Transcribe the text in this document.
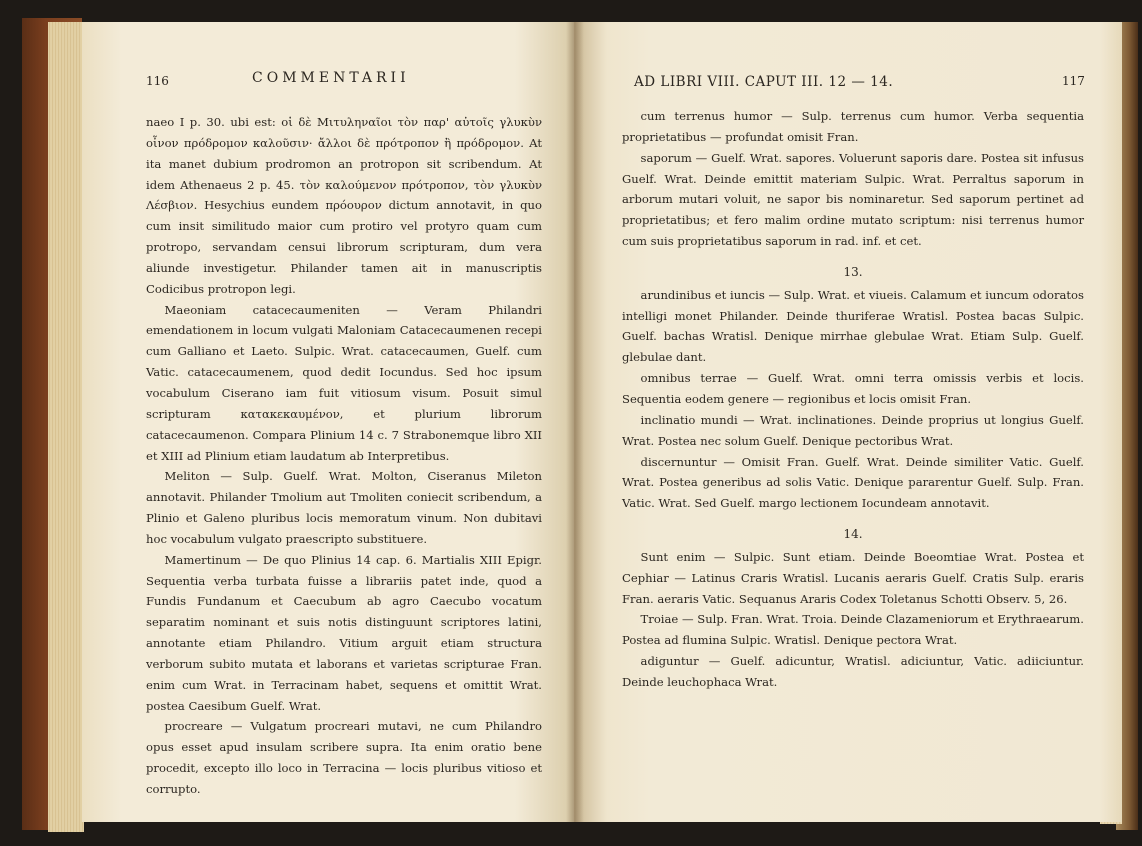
116	COMMENTARII

naeo I p. 30. ubi est: οἱ δὲ Μιτυληναῖοι τὸν παρ' αὐτοῖς γλυκὺν οἶνον πρόδρομον καλοῦσιν· ἄλλοι δὲ πρότροπον ἢ πρόδρομον. At ita manet dubium prodromon an protropon sit scribendum. At idem Athenaeus 2 p. 45. τὸν καλούμενον πρότροπον, τὸν γλυκὺν Λέσβιον. Hesychius eundem πρόουρον dictum annotavit, in quo cum insit similitudo maior cum protiro vel protyro quam cum protropo, servandam censui librorum scripturam, dum vera aliunde investigetur. Philander tamen ait in manuscriptis Codicibus protropon legi.

Maeoniam catacecaumeniten — Veram Philandri emendationem in locum vulgati Maloniam Catacecaumenen recepi cum Galliano et Laeto. Sulpic. Wrat. catacecaumen, Guelf. cum Vatic. catacecaumenem, quod dedit Iocundus. Sed hoc ipsum vocabulum Ciserano iam fuit vitiosum visum. Posuit simul scripturam κατακεκαυμένον, et plurium librorum catacecaumenon. Compara Plinium 14 c. 7 Strabonemque libro XII et XIII ad Plinium etiam laudatum ab Interpretibus.

Meliton — Sulp. Guelf. Wrat. Molton, Ciseranus Mileton annotavit. Philander Tmolium aut Tmoliten coniecit scribendum, a Plinio et Galeno pluribus locis memoratum vinum. Non dubitavi hoc vocabulum vulgato praescripto substituere.

Mamertinum — De quo Plinius 14 cap. 6. Martialis XIII Epigr. Sequentia verba turbata fuisse a librariis patet inde, quod a Fundis Fundanum et Caecubum ab agro Caecubo vocatum separatim nominant et suis notis distinguunt scriptores latini, annotante etiam Philandro. Vitium arguit etiam structura verborum subito mutata et laborans et varietas scripturae Fran. enim cum Wrat. in Terracinam habet, sequens et omittit Wrat. postea Caesibum Guelf. Wrat.

procreare — Vulgatum procreari mutavi, ne cum Philandro opus esset apud insulam scribere supra. Ita enim oratio bene procedit, excepto illo loco in Terracina — locis pluribus vitioso et corrupto.

AD LIBRI VIII. CAPUT III. 12 — 14.	117

cum terrenus humor — Sulp. terrenus cum humor. Verba sequentia proprietatibus — profundat omisit Fran.

saporum — Guelf. Wrat. sapores. Voluerunt saporis dare. Postea sit infusus Guelf. Wrat. Deinde emittit materiam Sulpic. Wrat. Perraltus saporum in arborum mutari voluit, ne sapor bis nominaretur. Sed saporum pertinet ad proprietatibus; et fero malim ordine mutato scriptum: nisi terrenus humor cum suis proprietatibus saporum in rad. inf. et cet.

13.

arundinibus et iuncis — Sulp. Wrat. et viueis. Calamum et iuncum odoratos intelligi monet Philander. Deinde thuriferae Wratisl. Postea bacas Sulpic. Guelf. bachas Wratisl. Denique mirrhae glebulae Wrat. Etiam Sulp. Guelf. glebulae dant.

omnibus terrae — Guelf. Wrat. omni terra omissis verbis et locis. Sequentia eodem genere — regionibus et locis omisit Fran.

inclinatio mundi — Wrat. inclinationes. Deinde proprius ut longius Guelf. Wrat. Postea nec solum Guelf. Denique pectoribus Wrat.

discernuntur — Omisit Fran. Guelf. Wrat. Deinde similiter Vatic. Guelf. Wrat. Postea generibus ad solis Vatic. Denique pararentur Guelf. Sulp. Fran. Vatic. Wrat. Sed Guelf. margo lectionem Iocundeam annotavit.

14.

Sunt enim — Sulpic. Sunt etiam. Deinde Boeomtiae Wrat. Postea et Cephiar — Latinus Craris Wratisl. Lucanis aeraris Guelf. Cratis Sulp. eraris Fran. aeraris Vatic. Sequanus Araris Codex Toletanus Schotti Observ. 5, 26.

Troiae — Sulp. Fran. Wrat. Troia. Deinde Clazameniorum et Erythraearum. Postea ad flumina Sulpic. Wratisl. Denique pectora Wrat.

adiguntur — Guelf. adicuntur, Wratisl. adiciuntur, Vatic. adiiciuntur. Deinde leuchophaca Wrat.
